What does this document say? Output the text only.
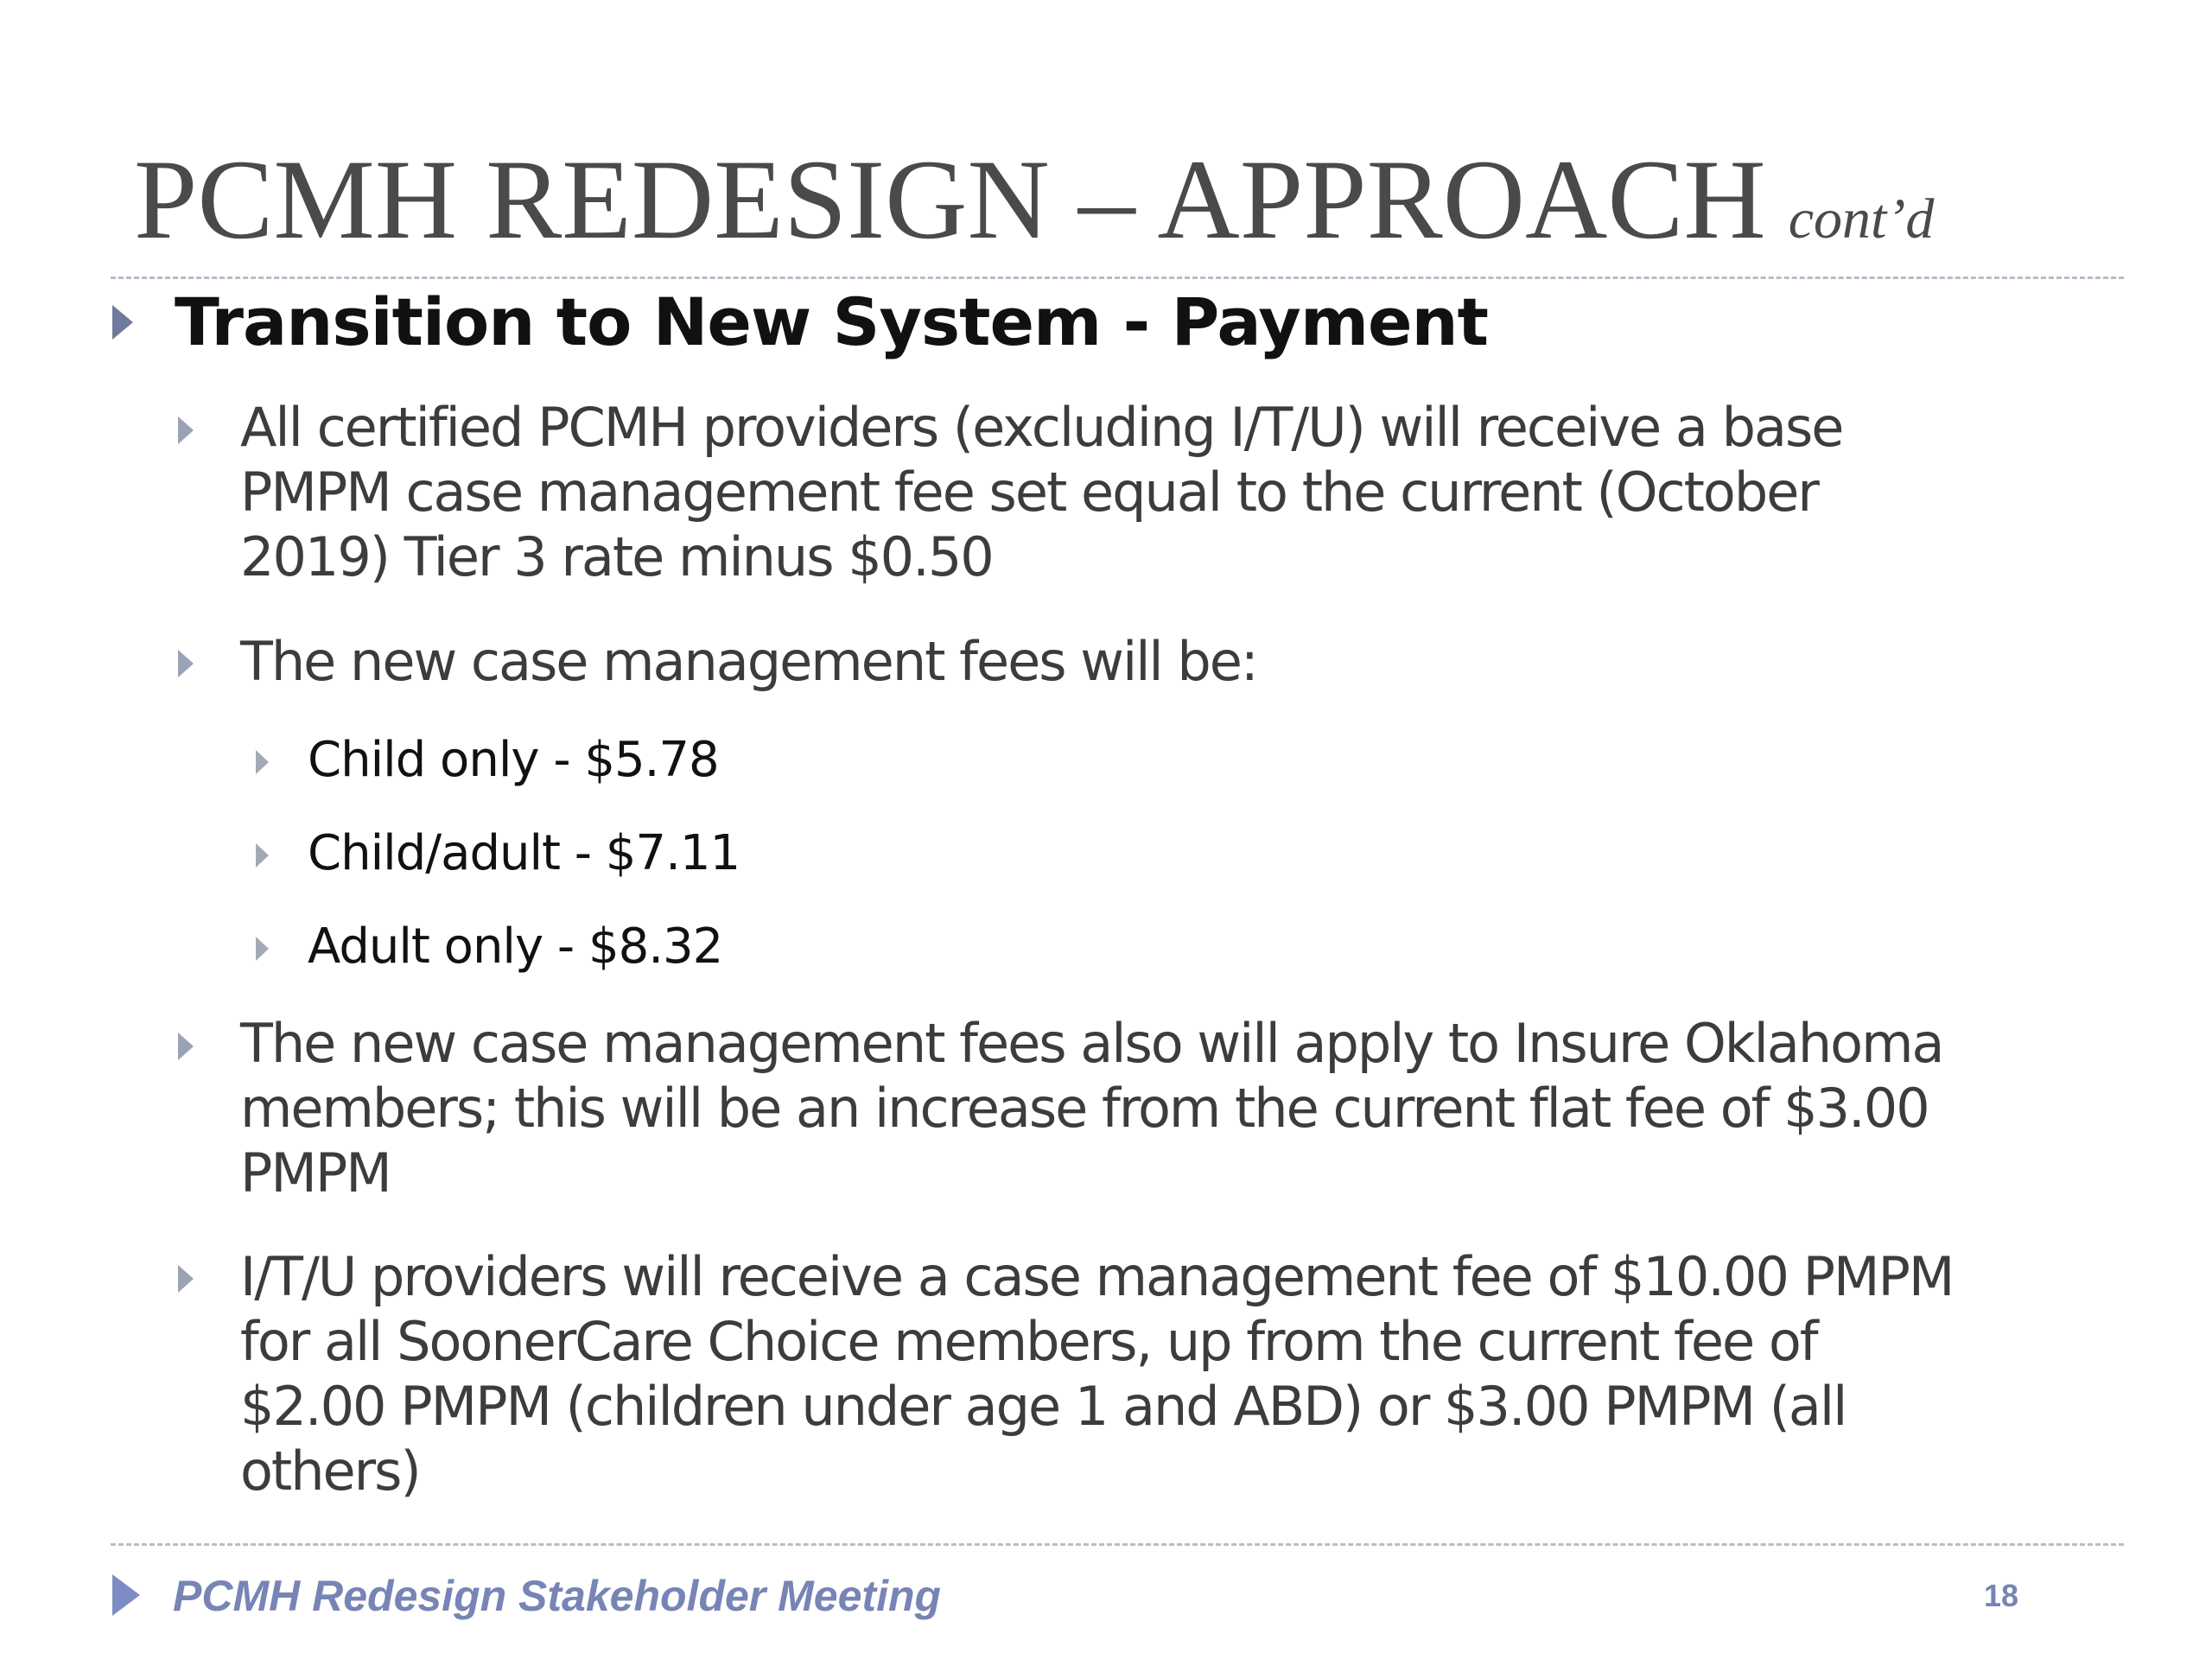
PCMH REDESIGN – APPROACH cont’d
Transition to New System - Payment
All certified PCMH providers (excluding I/T/U) will receive a base
PMPM case management fee set equal to the current (October
2019) Tier 3 rate minus $0.50
The new case management fees will be:
Child only - $5.78
Child/adult - $7.11
Adult only - $8.32
The new case management fees also will apply to Insure Oklahoma
members; this will be an increase from the current flat fee of $3.00
PMPM
I/T/U providers will receive a case management fee of $10.00 PMPM
for all SoonerCare Choice members, up from the current fee of
$2.00 PMPM (children under age 1 and ABD) or $3.00 PMPM (all
others)
PCMH Redesign Stakeholder Meeting	18
